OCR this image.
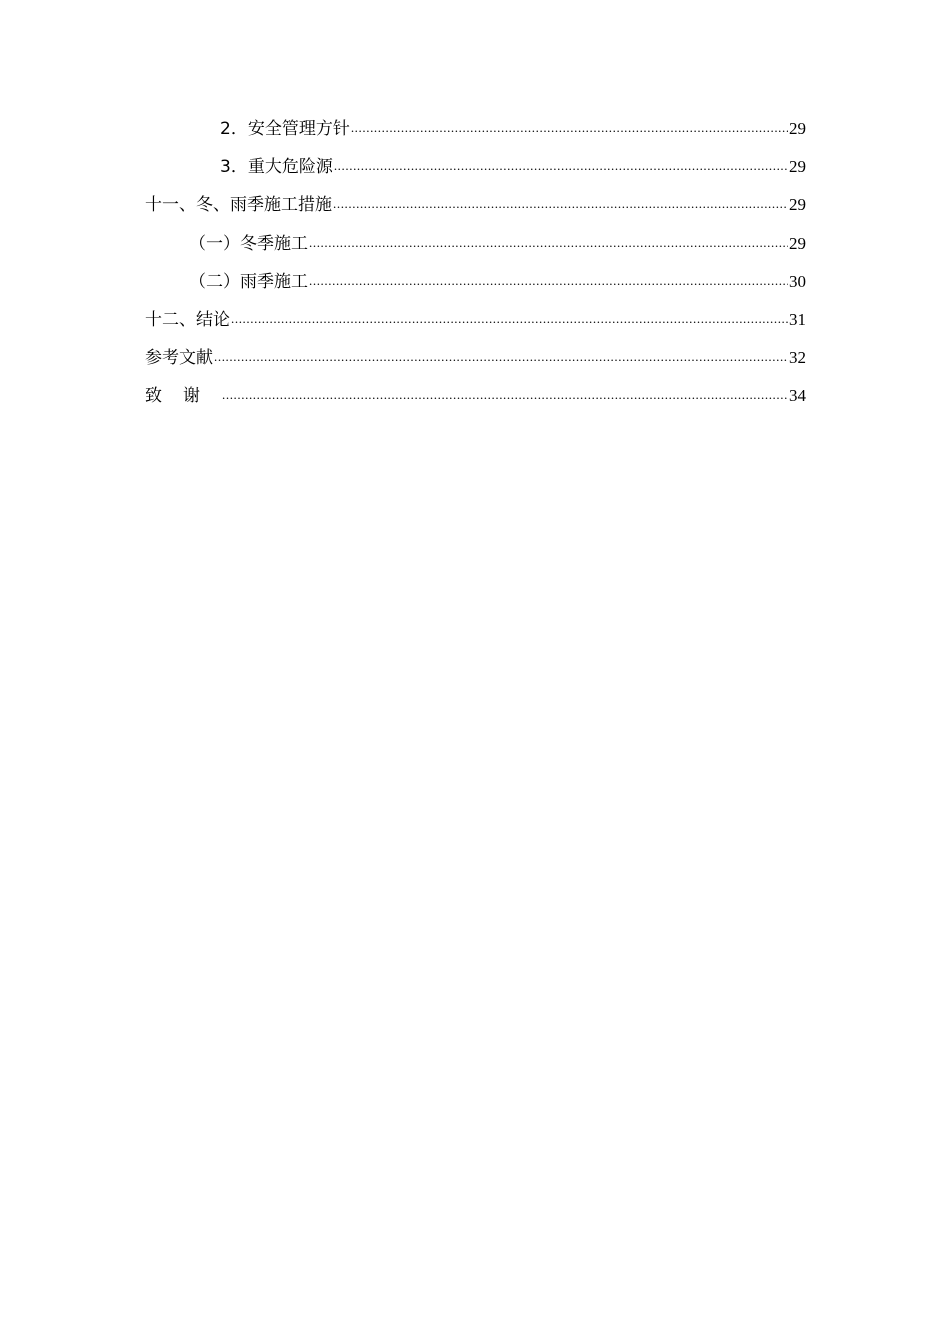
2． 安全管理方针 .....	29
3． 重大危险源 .....	29
十一、 冬、雨季施工措施 .....	29
（一） 冬季施工 .....	29
（二） 雨季施工 .....	30
十二、 结论 .....	31
参考文献 .....	32
致谢 .....	34
